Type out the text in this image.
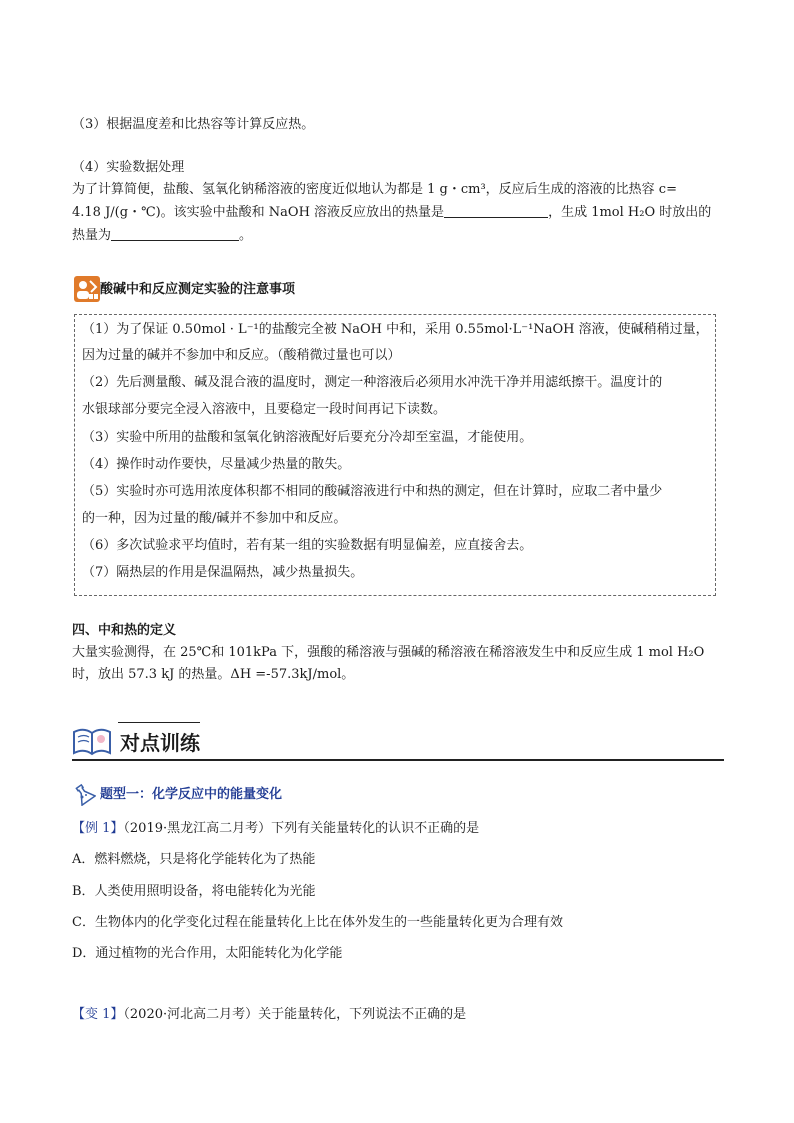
（3）根据温度差和比热容等计算反应热。
（4）实验数据处理
为了计算简便，盐酸、氢氧化钠稀溶液的密度近似地认为都是 1 g・cm³，反应后生成的溶液的比热容 c=
4.18 J/(g・℃)。该实验中盐酸和 NaOH 溶液反应放出的热量是	，生成 1mol H₂O 时放出的
热量为	。
酸碱中和反应测定实验的注意事项
（1）为了保证 0.50mol · L⁻¹的盐酸完全被 NaOH 中和，采用 0.55mol·L⁻¹NaOH 溶液，使碱稍稍过量，
因为过量的碱并不参加中和反应。（酸稍微过量也可以）
（2）先后测量酸、碱及混合液的温度时，测定一种溶液后必须用水冲洗干净并用滤纸擦干。温度计的
水银球部分要完全浸入溶液中，且要稳定一段时间再记下读数。
（3）实验中所用的盐酸和氢氧化钠溶液配好后要充分冷却至室温，才能使用。
（4）操作时动作要快，尽量减少热量的散失。
（5）实验时亦可选用浓度体积都不相同的酸碱溶液进行中和热的测定，但在计算时，应取二者中量少
的一种，因为过量的酸/碱并不参加中和反应。
（6）多次试验求平均值时，若有某一组的实验数据有明显偏差，应直接舍去。
（7）隔热层的作用是保温隔热，减少热量损失。
四、中和热的定义
大量实验测得，在 25℃和 101kPa 下，强酸的稀溶液与强碱的稀溶液在稀溶液发生中和反应生成 1 mol H₂O
时，放出 57.3 kJ 的热量。ΔH =-57.3kJ/mol。
对点训练
题型一：化学反应中的能量变化
【例 1】（2019·黑龙江高二月考）下列有关能量转化的认识不正确的是
A．燃料燃烧，只是将化学能转化为了热能
B．人类使用照明设备，将电能转化为光能
C．生物体内的化学变化过程在能量转化上比在体外发生的一些能量转化更为合理有效
D．通过植物的光合作用，太阳能转化为化学能
【变 1】（2020·河北高二月考）关于能量转化，下列说法不正确的是
